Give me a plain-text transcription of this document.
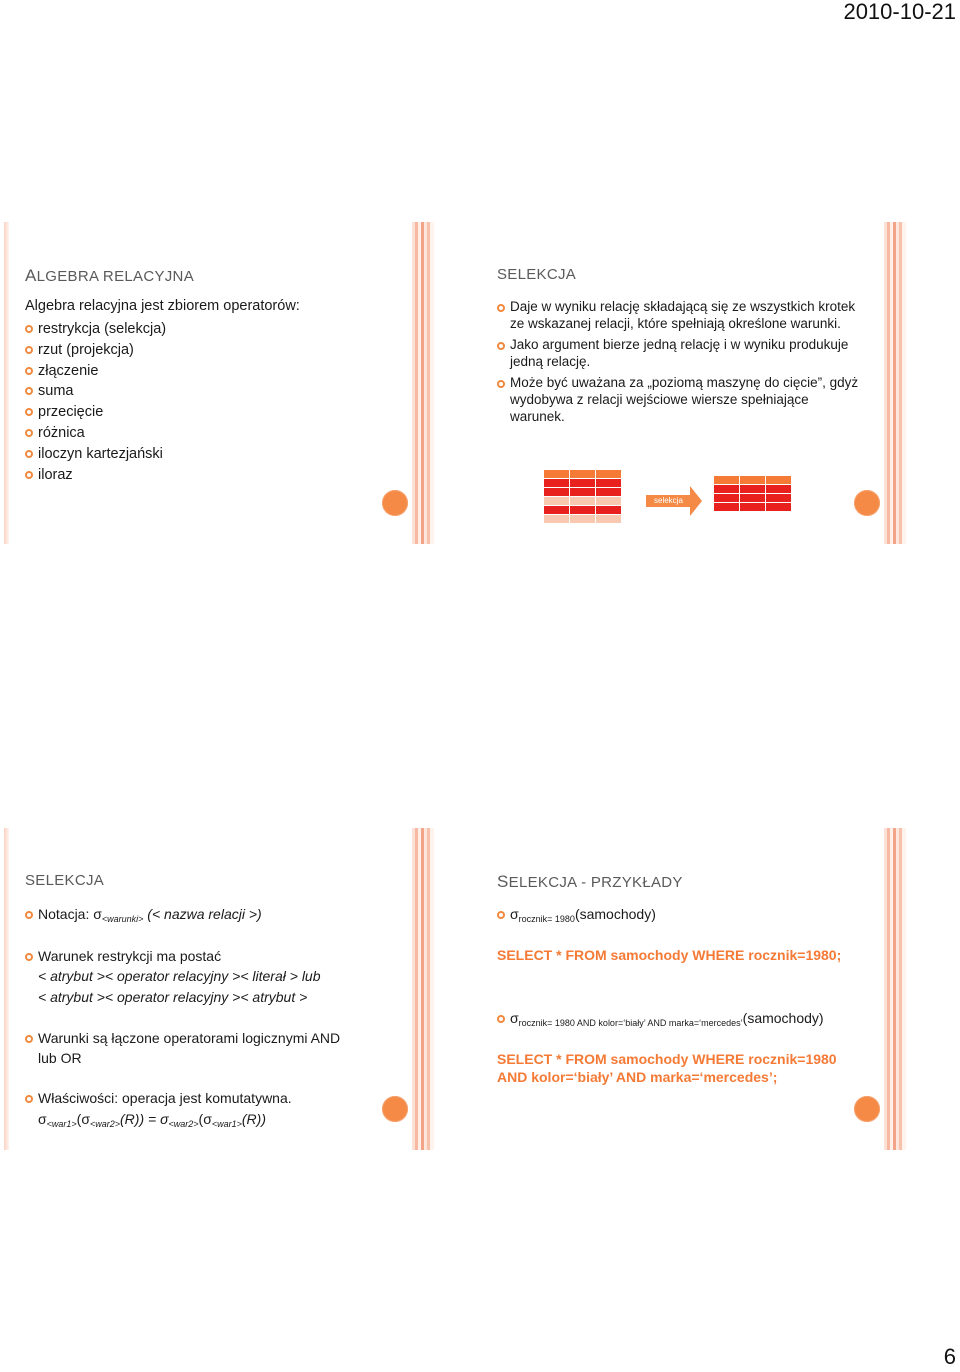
2010-10-21
ALGEBRA RELACYJNA
Algebra relacyjna jest zbiorem operatorów:
restrykcja (selekcja)
rzut (projekcja)
złączenie
suma
przecięcie
różnica
iloczyn kartezjański
iloraz
SELEKCJA
Daje w wyniku relację składającą się ze wszystkich krotek ze wskazanej relacji, które spełniają określone warunki.
Jako argument bierze jedną relację i w wyniku produkuje jedną relację.
Może być uważana za „poziomą maszynę do cięcie”, gdyż wydobywa z relacji wejściowe wiersze spełniające warunek.
selekcja
SELEKCJA
Notacja: $\sigma_{<warunki>}$ (< nazwa relacji >)
Warunek restrykcji ma postać
< atrybut >< operator relacyjny >< literał > lub
< atrybut >< operator relacyjny >< atrybut >
Warunki są łączone operatorami logicznymi AND
lub OR
Właściwości: operacja jest komutatywna.
$\sigma_{<war1>}(\sigma_{<war2>}(R)) = \sigma_{<war2>}(\sigma_{<war1>}(R))$
SELEKCJA - PRZYKŁADY
$\sigma_{rocznik= 1980}(samochody)$
SELECT * FROM samochody WHERE rocznik=1980;
$\sigma_{rocznik= 1980 AND kolor=‘biały’ AND marka=‘mercedes’}(samochody)$
SELECT * FROM samochody WHERE rocznik=1980
AND kolor=‘biały’ AND marka=‘mercedes’;
6
